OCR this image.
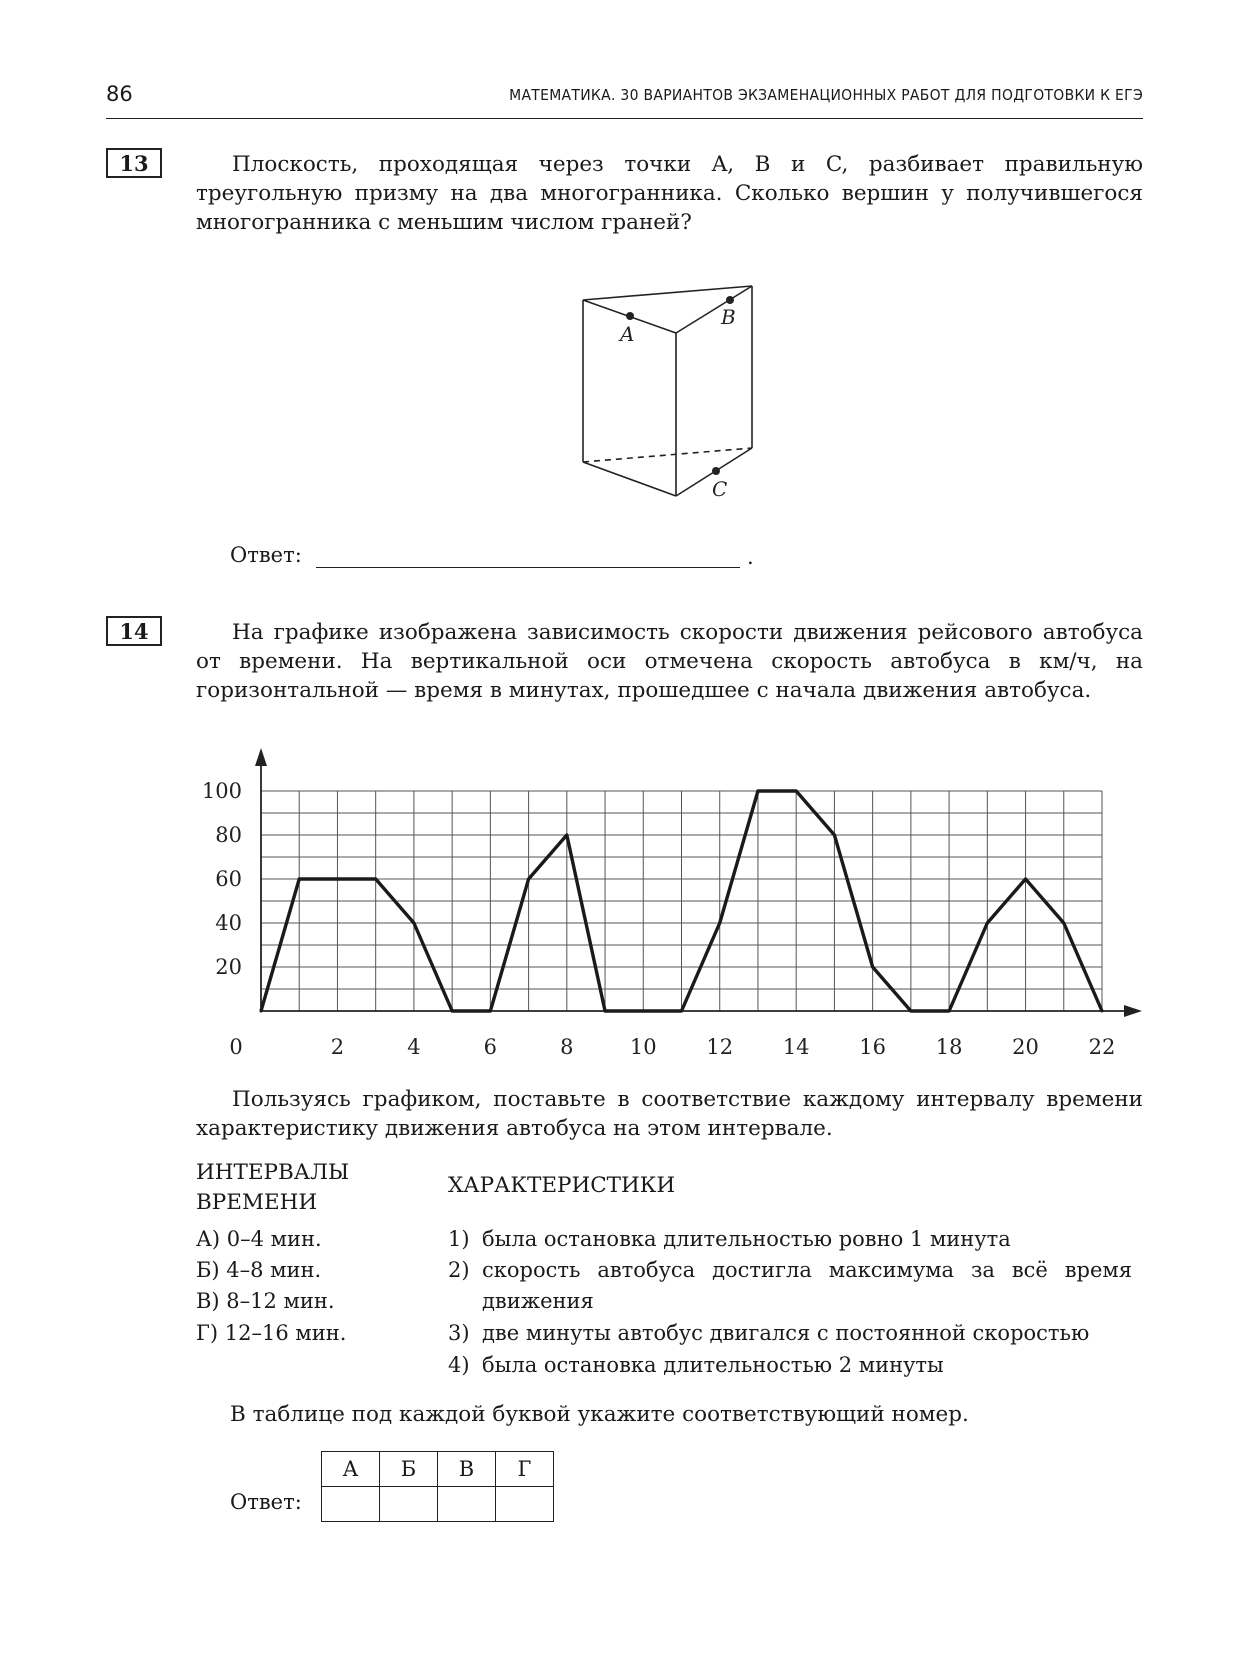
86	МАТЕМАТИКА. 30 ВАРИАНТОВ ЭКЗАМЕНАЦИОННЫХ РАБОТ ДЛЯ ПОДГОТОВКИ К ЕГЭ
13	Плоскость, проходящая через точки A, B и C, разбивает правильную треугольную призму на два многогранника. Сколько вершин у получившегося многогранника с меньшим числом граней?
A
B
C
Ответ:	.
14	На графике изображена зависимость скорости движения рейсового автобуса от времени. На вертикальной оси отмечена скорость автобуса в км/ч, на горизонтальной — время в минутах, прошедшее с начала движения автобуса.
0	2	4	6	8	10 12 14 16 18 20 22
20
40
60
80
100
Пользуясь графиком, поставьте в соответствие каждому интервалу времени характеристику движения автобуса на этом интервале.
ИНТЕРВАЛЫ ВРЕМЕНИ
ХАРАКТЕРИСТИКИ
А) 0–4 мин.
Б) 4–8 мин.
В) 8–12 мин.
Г) 12–16 мин.
1) была остановка длительностью ровно 1 минута
2) скорость автобуса достигла максимума за всё время движения
3) две минуты автобус двигался с постоянной скоростью
4) была остановка длительностью 2 минуты
В таблице под каждой буквой укажите соответствующий номер.
Ответ:
А	Б	В	Г
